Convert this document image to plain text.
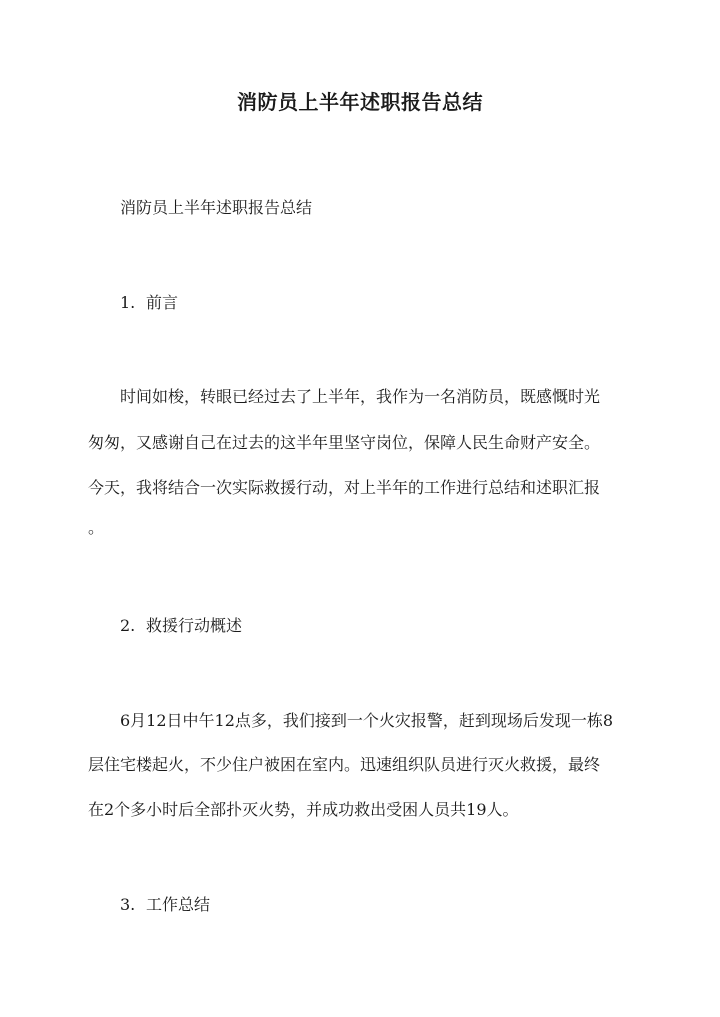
消防员上半年述职报告总结

消防员上半年述职报告总结

1. 前言

时间如梭，转眼已经过去了上半年，我作为一名消防员，既感慨时光

匆匆，又感谢自己在过去的这半年里坚守岗位，保障人民生命财产安全。

今天，我将结合一次实际救援行动，对上半年的工作进行总结和述职汇报

。

2. 救援行动概述

6月12日中午12点多，我们接到一个火灾报警，赶到现场后发现一栋8

层住宅楼起火，不少住户被困在室内。迅速组织队员进行灭火救援，最终

在2个多小时后全部扑灭火势，并成功救出受困人员共19人。

3. 工作总结
